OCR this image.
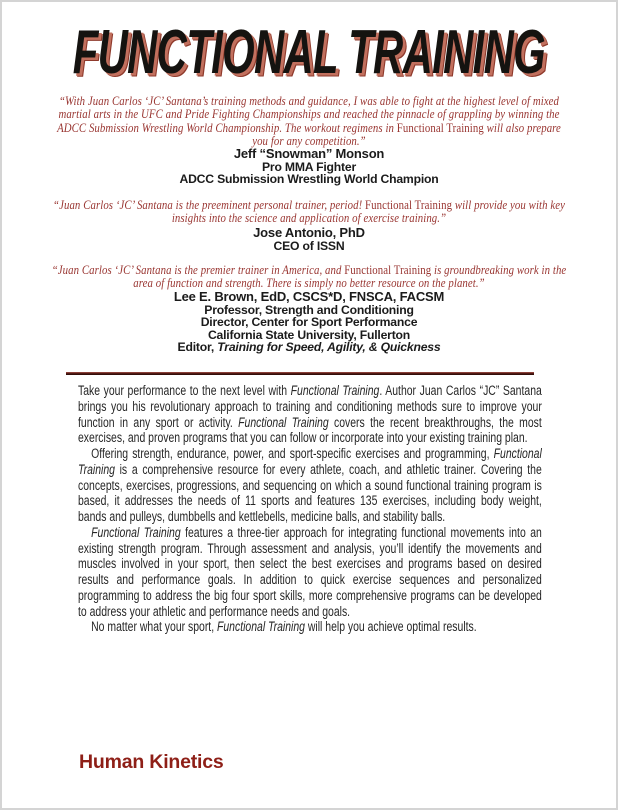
FUNCTIONAL TRAINING
“With Juan Carlos ‘JC’ Santana’s training methods and guidance, I was able to fight at the highest level of mixed martial arts in the UFC and Pride Fighting Championships and reached the pinnacle of grappling by winning the ADCC Submission Wrestling World Championship. The workout regimens in Functional Training will also prepare you for any competition.”
Jeff “Snowman” Monson
Pro MMA Fighter
ADCC Submission Wrestling World Champion
“Juan Carlos ‘JC’ Santana is the preeminent personal trainer, period! Functional Training will provide you with key insights into the science and application of exercise training.”
Jose Antonio, PhD
CEO of ISSN
“Juan Carlos ‘JC’ Santana is the premier trainer in America, and Functional Training is groundbreaking work in the area of function and strength. There is simply no better resource on the planet.”
Lee E. Brown, EdD, CSCS*D, FNSCA, FACSM
Professor, Strength and Conditioning
Director, Center for Sport Performance
California State University, Fullerton
Editor, Training for Speed, Agility, & Quickness

Take your performance to the next level with Functional Training. Author Juan Carlos “JC” Santana brings you his revolutionary approach to training and conditioning methods sure to improve your function in any sport or activity. Functional Training covers the recent breakthroughs, the most exercises, and proven programs that you can follow or incorporate into your existing training plan.

Offering strength, endurance, power, and sport-specific exercises and programming, Functional Training is a comprehensive resource for every athlete, coach, and athletic trainer. Covering the concepts, exercises, progressions, and sequencing on which a sound functional training program is based, it addresses the needs of 11 sports and features 135 exercises, including body weight, bands and pulleys, dumbbells and kettlebells, medicine balls, and stability balls.

Functional Training features a three-tier approach for integrating functional movements into an existing strength program. Through assessment and analysis, you’ll identify the movements and muscles involved in your sport, then select the best exercises and programs based on desired results and performance goals. In addition to quick exercise sequences and personalized programming to address the big four sport skills, more comprehensive programs can be developed to address your athletic and performance needs and goals.

No matter what your sport, Functional Training will help you achieve optimal results.

Human Kinetics
